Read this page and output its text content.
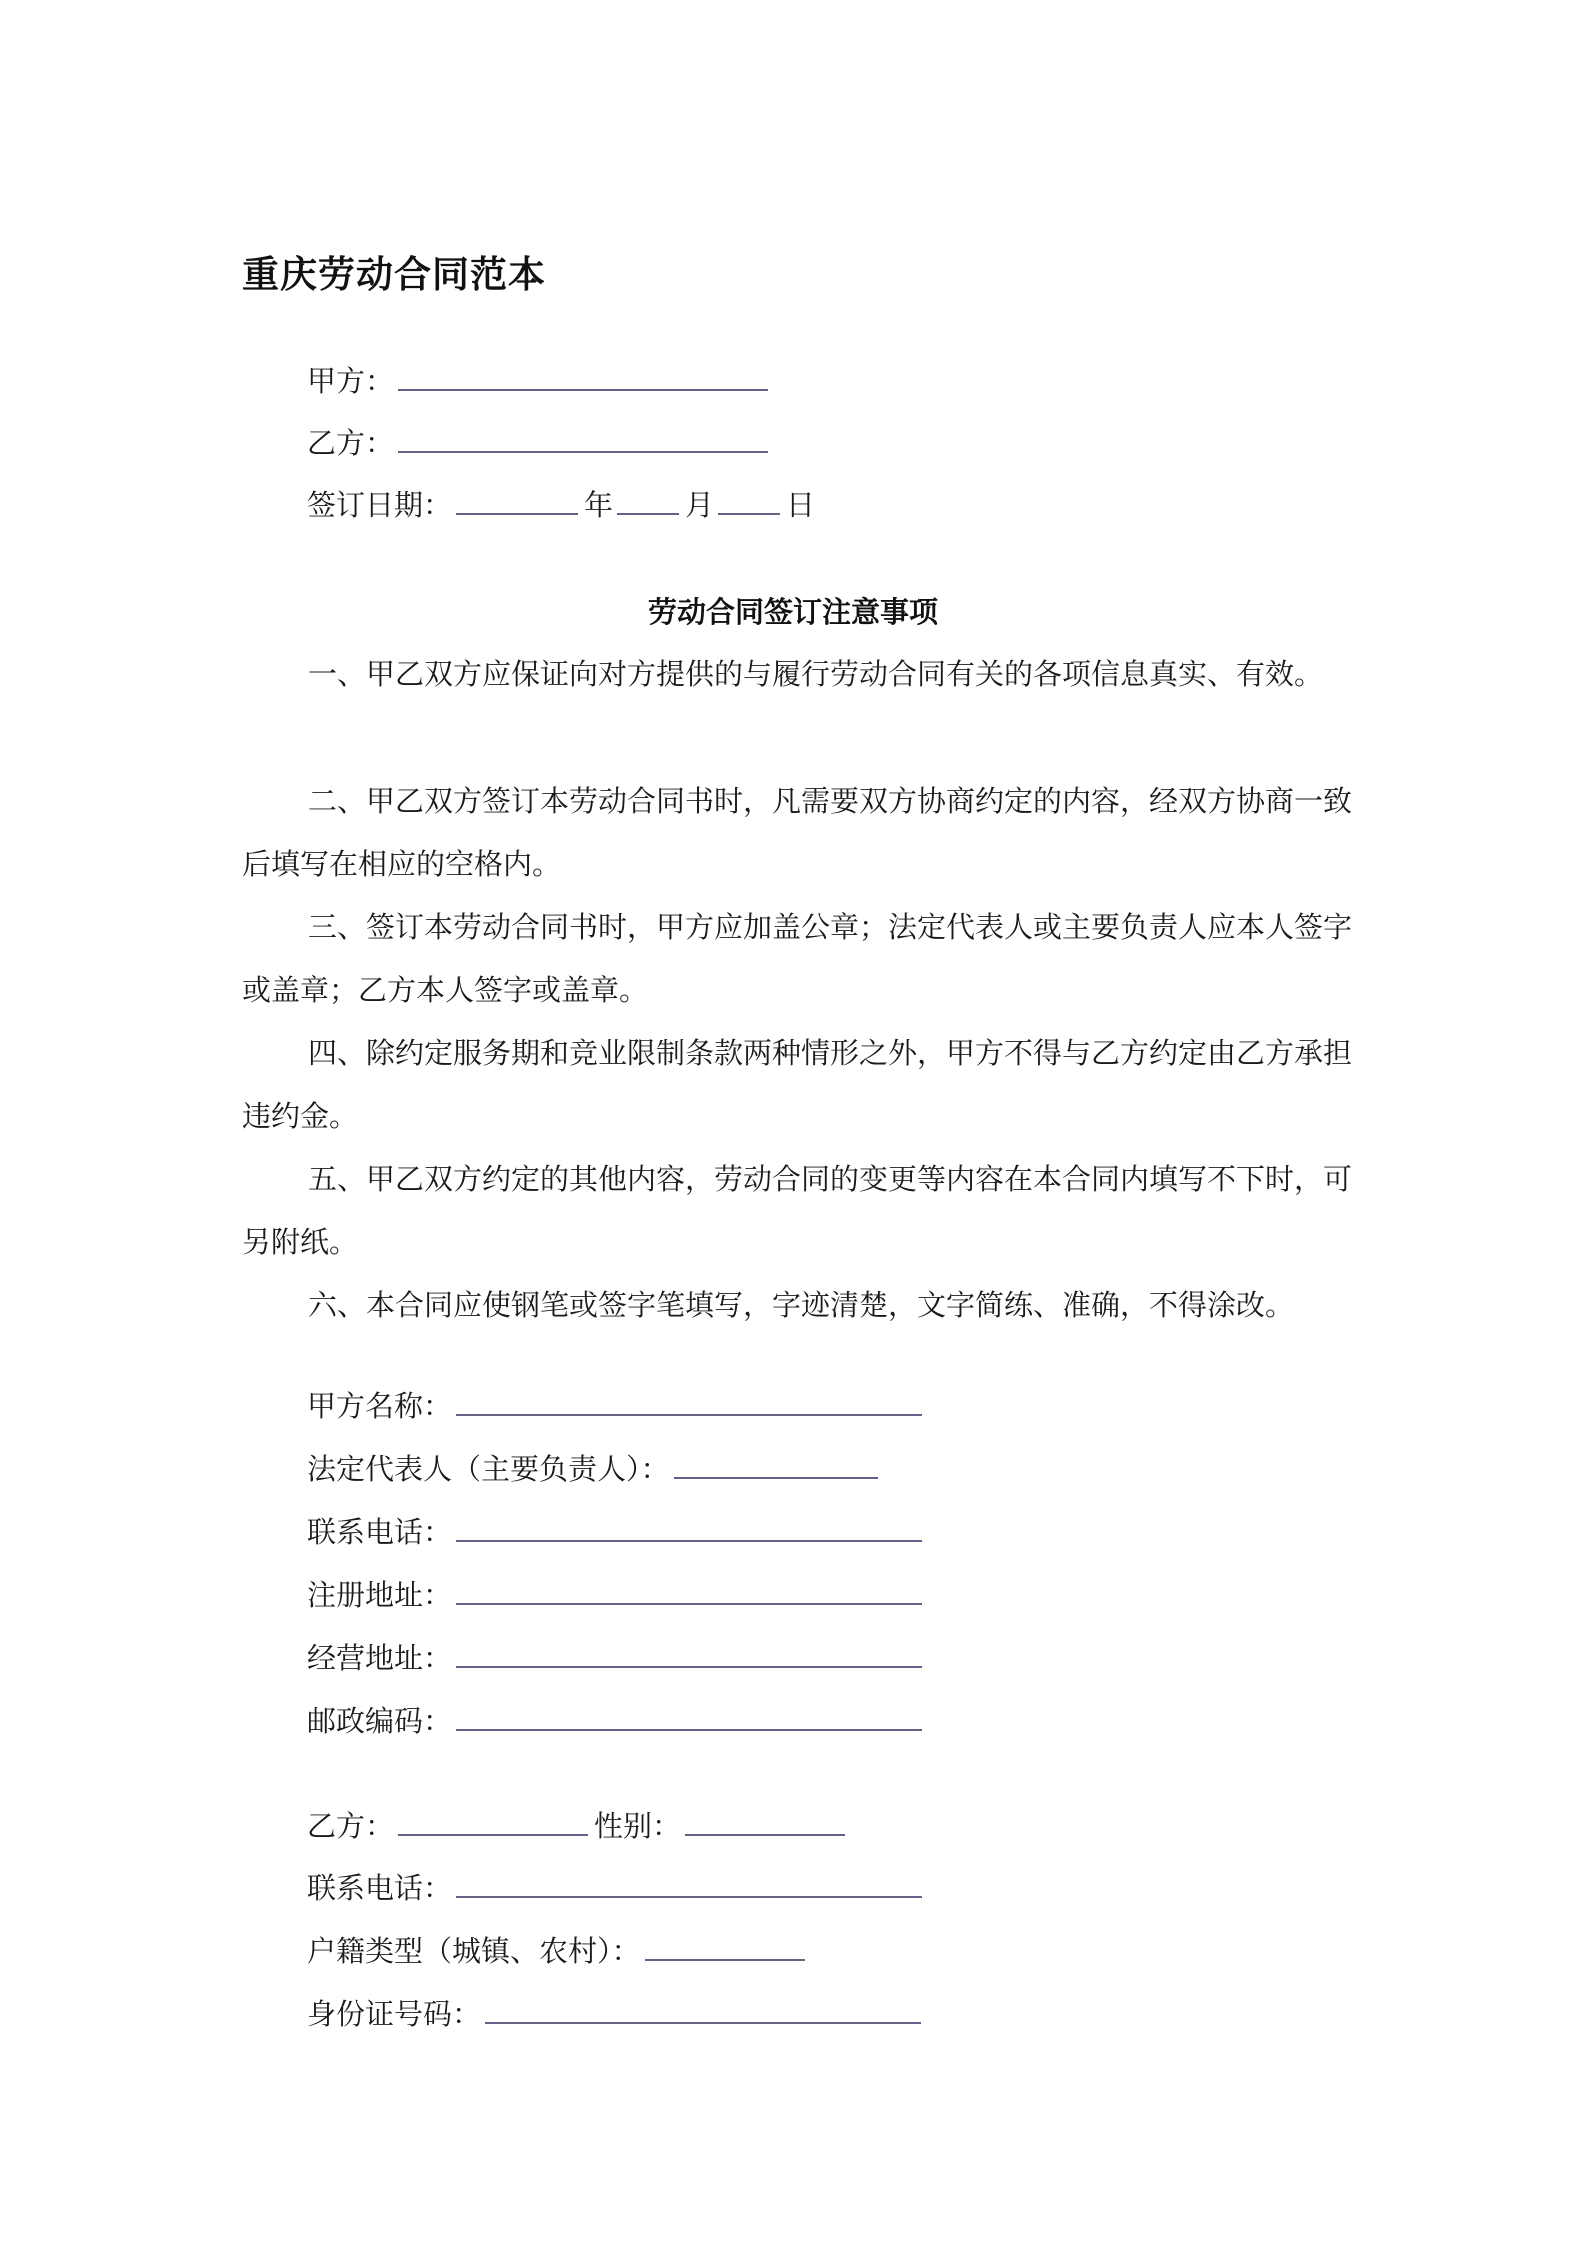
重庆劳动合同范本
甲方：
乙方：
签订日期：	年 月 日
劳动合同签订注意事项
一、甲乙双方应保证向对方提供的与履行劳动合同有关的各项信息真实、有效。
二、甲乙双方签订本劳动合同书时，凡需要双方协商约定的内容，经双方协商一致后填写在相应的空格内。
三、签订本劳动合同书时，甲方应加盖公章；法定代表人或主要负责人应本人签字或盖章；乙方本人签字或盖章。
四、除约定服务期和竞业限制条款两种情形之外，甲方不得与乙方约定由乙方承担违约金。
五、甲乙双方约定的其他内容，劳动合同的变更等内容在本合同内填写不下时，可另附纸。
六、本合同应使钢笔或签字笔填写，字迹清楚，文字简练、准确，不得涂改。
甲方名称：
法定代表人（主要负责人）：
联系电话：
注册地址：
经营地址：
邮政编码：
乙方：	性别：
联系电话：
户籍类型（城镇、农村）：
身份证号码：
